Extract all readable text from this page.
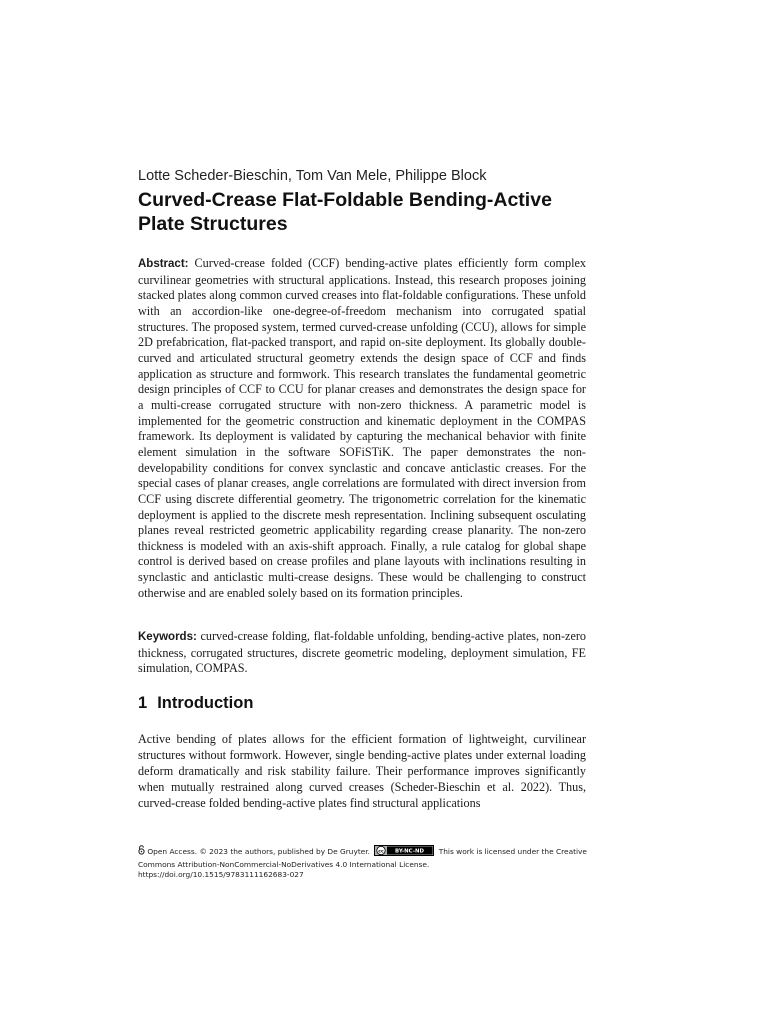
Lotte Scheder-Bieschin, Tom Van Mele, Philippe Block
Curved-Crease Flat-Foldable Bending-Active Plate Structures
Abstract: Curved-crease folded (CCF) bending-active plates efficiently form complex curvilinear geometries with structural applications. Instead, this research proposes joining stacked plates along common curved creases into flat-foldable configurations. These unfold with an accordion-like one-degree-of-freedom mechanism into corrugated spatial structures. The proposed system, termed curved-crease unfolding (CCU), allows for simple 2D prefabrication, flat-packed transport, and rapid on-site deployment. Its globally double-curved and articulated structural geometry extends the design space of CCF and finds application as structure and formwork. This research translates the fundamental geometric design principles of CCF to CCU for planar creases and demonstrates the design space for a multi-crease corrugated structure with non-zero thickness. A parametric model is implemented for the geometric construction and kinematic deployment in the COMPAS framework. Its deployment is validated by capturing the mechanical behavior with finite element simulation in the software SOFiSTiK. The paper demonstrates the non-developability conditions for convex synclastic and concave anticlastic creases. For the special cases of planar creases, angle correlations are formulated with direct inversion from CCF using discrete differential geometry. The trigonometric correlation for the kinematic deployment is applied to the discrete mesh representation. Inclining subsequent osculating planes reveal restricted geometric applicability regarding crease planarity. The non-zero thickness is modeled with an axis-shift approach. Finally, a rule catalog for global shape control is derived based on crease profiles and plane layouts with inclinations resulting in synclastic and anticlastic multi-crease designs. These would be challenging to construct otherwise and are enabled solely based on its formation principles.
Keywords: curved-crease folding, flat-foldable unfolding, bending-active plates, non-zero thickness, corrugated structures, discrete geometric modeling, deployment simulation, FE simulation, COMPAS.
1 Introduction
Active bending of plates allows for the efficient formation of lightweight, curvilinear structures without formwork. However, single bending-active plates under external loading deform dramatically and risk stability failure. Their performance improves significantly when mutually restrained along curved creases (Scheder-Bieschin et al. 2022). Thus, curved-crease folded bending-active plates find structural applications
Open Access. © 2023 the authors, published by De Gruyter. cc BY-NC-ND This work is licensed under the Creative Commons Attribution-NonCommercial-NoDerivatives 4.0 International License.
https://doi.org/10.1515/9783111162683-027
